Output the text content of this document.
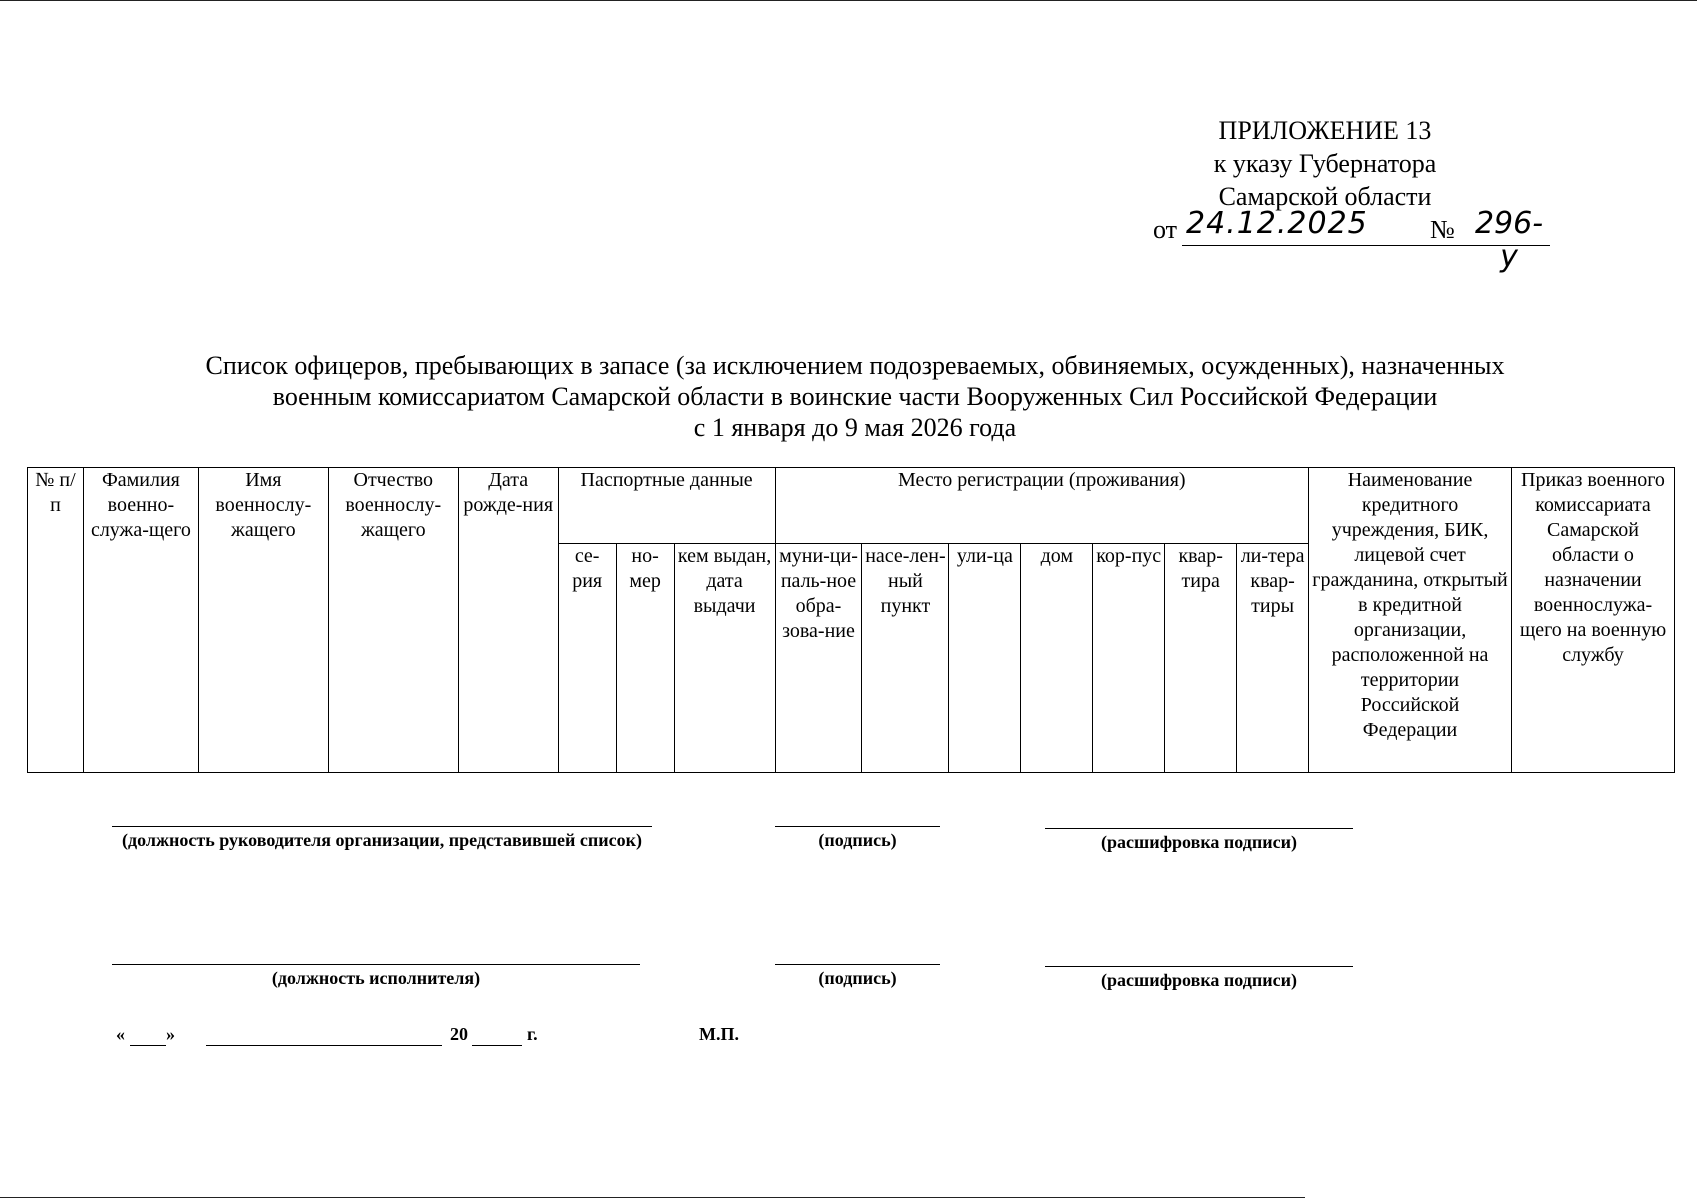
ПРИЛОЖЕНИЕ 13
к указу Губернатора
Самарской области
от 24.12.2025 № 296-у
Список офицеров, пребывающих в запасе (за исключением подозреваемых, обвиняемых, осужденных), назначенных
военным комиссариатом Самарской области в воинские части Вооруженных Сил Российской Федерации
с 1 января до 9 мая 2026 года
№ п/п	Фамилия военно-служа-щего	Имя военнослу-жащего	Отчество военнослу-жащего	Дата рожде-ния	Паспортные данные			Место регистрации (проживания)							Наименование кредитного учреждения, БИК, лицевой счет гражданина, открытый в кредитной организации, расположенной на территории Российской Федерации	Приказ военного комиссариата Самарской области о назначении военнослужа-щего на военную службу
					се-рия	но-мер	кем выдан, дата выдачи	муни-ци-паль-ное обра-зова-ние	насе-лен-ный пункт	ули-ца	дом	кор-пус	квар-тира	ли-тера квар-тиры		
(должность руководителя организации, представившей список)	(подпись)	(расшифровка подписи)
(должность исполнителя)	(подпись)	(расшифровка подписи)
« »	20	г.	М.П.
